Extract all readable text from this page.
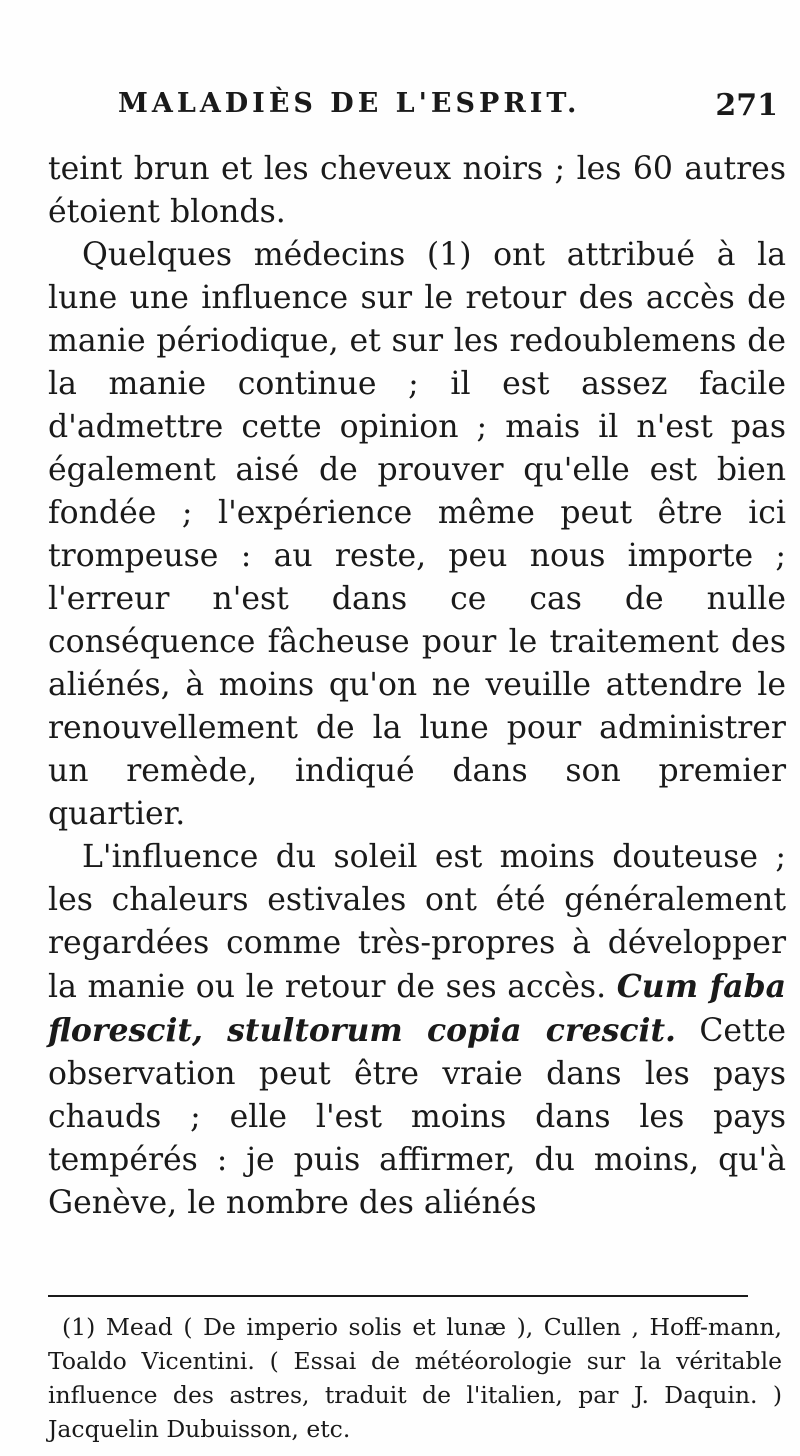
MALADIÈS DE L'ESPRIT.	271

teint brun et les cheveux noirs ; les 60 autres étoient blonds.

Quelques médecins (1) ont attribué à la lune une influence sur le retour des accès de manie périodique, et sur les redoublemens de la manie continue ; il est assez facile d'admettre cette opinion ; mais il n'est pas également aisé de prouver qu'elle est bien fondée ; l'expérience même peut être ici trompeuse : au reste, peu nous importe ; l'erreur n'est dans ce cas de nulle conséquence fâcheuse pour le traitement des aliénés, à moins qu'on ne veuille attendre le renouvellement de la lune pour administrer un remède, indiqué dans son premier quartier.

L'influence du soleil est moins douteuse ; les chaleurs estivales ont été généralement regardées comme très-propres à développer la manie ou le retour de ses accès. Cum faba florescit, stultorum copia crescit. Cette observation peut être vraie dans les pays chauds ; elle l'est moins dans les pays tempérés : je puis affirmer, du moins, qu'à Genève, le nombre des aliénés

(1) Mead ( De imperio solis et lunæ ), Cullen , Hoff-mann, Toaldo Vicentini. ( Essai de météorologie sur la véritable influence des astres, traduit de l'italien, par J. Daquin. ) Jacquelin Dubuisson, etc.
